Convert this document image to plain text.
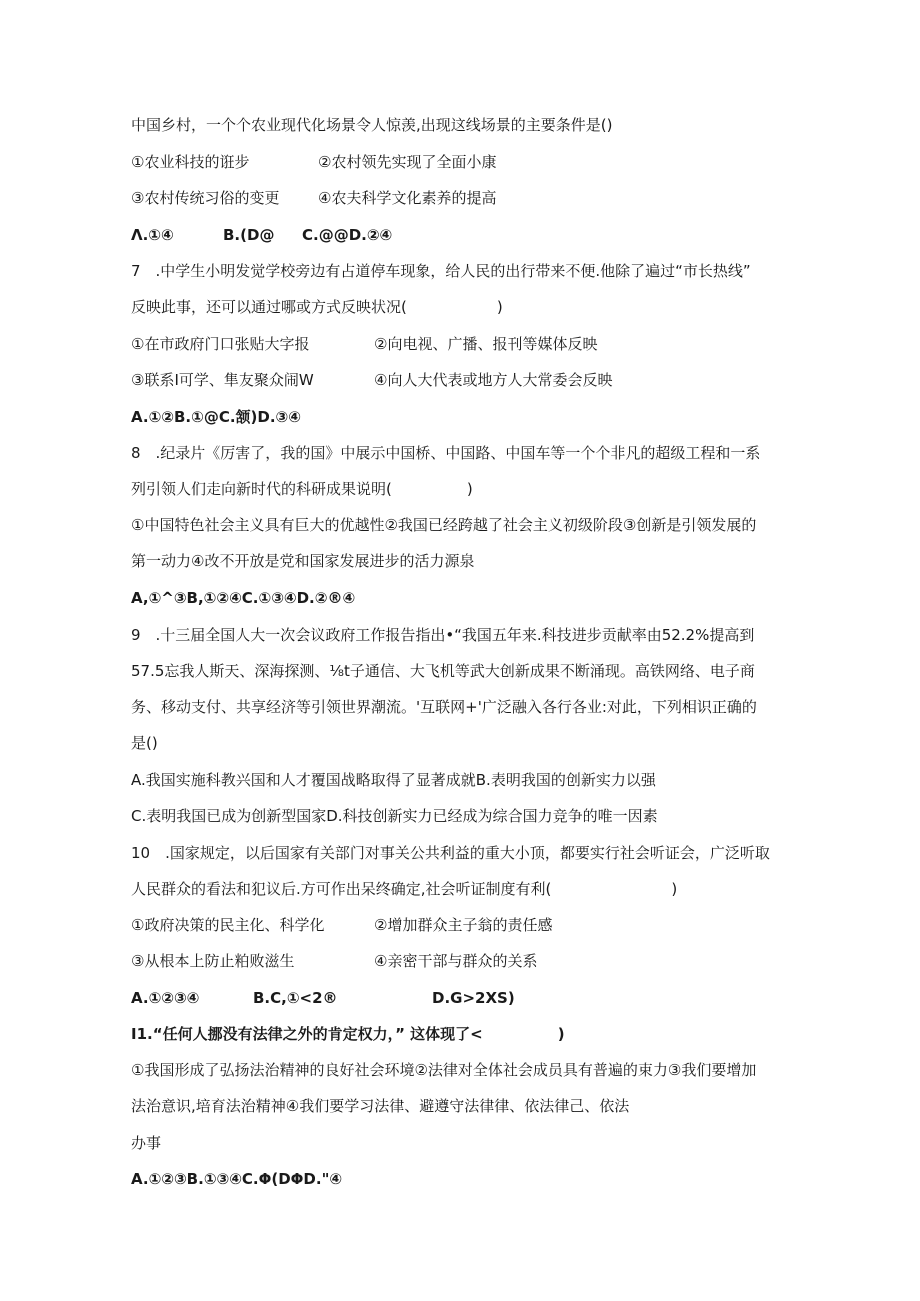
中国乡村，一个个农业现代化场景令人惊羡,出现这线场景的主要条件是()
①农业科技的诳步	②农村领先实现了全面小康
③农村传统习俗的变更	④农夫科学文化素养的提高
Λ.①④	B.(D@ C.@@D.②④
7　.中学生小明发觉学校旁边有占道停车现象，给人民的出行带来不便.他除了遍过“市长热线”
反映此事，还可以通过哪或方式反映状况(　　　　　　)
①在市政府门口张贴大字报	②向电视、广播、报刊等媒体反映
③联系I可学、隼友聚众闹W	④向人大代表或地方人大常委会反映
A.①②B.①@C.颔)D.③④
8　.纪录片《厉害了，我的国》中展示中国桥、中国路、中国车等一个个非凡的超级工程和一系
列引领人们走向新时代的科研成果说明(　　　　　)
①中国特色社会主义具有巨大的优越性②我国已经跨越了社会主义初级阶段③创新是引领发展的
第一动力④改不开放是党和国家发展进步的活力源泉
A,①^③B,①②④C.①③④D.②®④
9　.十三届全国人大一次会议政府工作报告指出•“我国五年来.科技进步贡献率由52.2%提高到
57.5忘我人斯天、深海探测、⅛t子通信、大飞机等武大创新成果不断涌现。高铁网络、电子商
务、移动支付、共享经济等引领世界潮流。'互联网+'广泛融入各行各业:对此，下列相识正确的
是()
A.我国实施科教兴国和人才覆国战略取得了显著成就B.表明我国的创新实力以强
C.表明我国已成为创新型国家D.科技创新实力已经成为综合国力竞争的唯一因素
10　.国家规定，以后国家有关部门对事关公共利益的重大小顶，都要实行社会听证会，广泛听取
人民群众的看法和犯议后.方可作出呆终确定,社会听证制度有利(　　　　　　　　)
①政府决策的民主化、科学化	②增加群众主子翁的责任感
③从根本上防止粕败滋生	④亲密干部与群众的关系
A.①②③④	B.C,①<2®	D.G>2XS)
I1.“任何人挪没有法律之外的肯定权力，” 这体现了<　　　　　)
①我国形成了弘扬法治精神的良好社会环境②法律对全体社会成员具有普遍的束力③我们要增加
法治意识,培育法治精神④我们要学习法律、避遵守法律律、依法律己、依法
办事
A.①②③B.①③④C.Φ(DΦD."④
